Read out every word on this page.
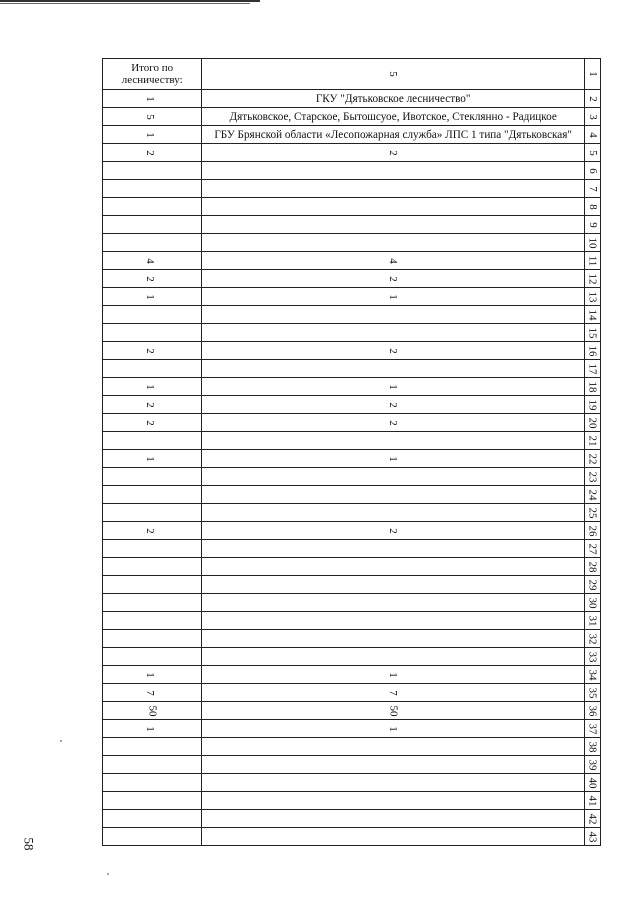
Итого по лесничеству:	5	1
1	ГКУ "Дятьковское лесничество"	2
5	Дятьковское, Старское, Бытошсуое, Ивотское, Стеклянно - Радицкое	3
1	ГБУ Брянской области «Лесопожарная служба» ЛПС 1 типа "Дятьковская"	4
2	2	5
		6
		7
		8
		9
		10
4	4	11
2	2	12
1	1	13
		14
		15
2	2	16
		17
1	1	18
2	2	19
2	2	20
		21
1	1	22
		23
		24
		25
2	2	26
		27
		28
		29
		30
		31
		32
		33
1	1	34
7	7	35
50	50	36
1	1	37
		38
		39
		40
		41
		42
		43
58
